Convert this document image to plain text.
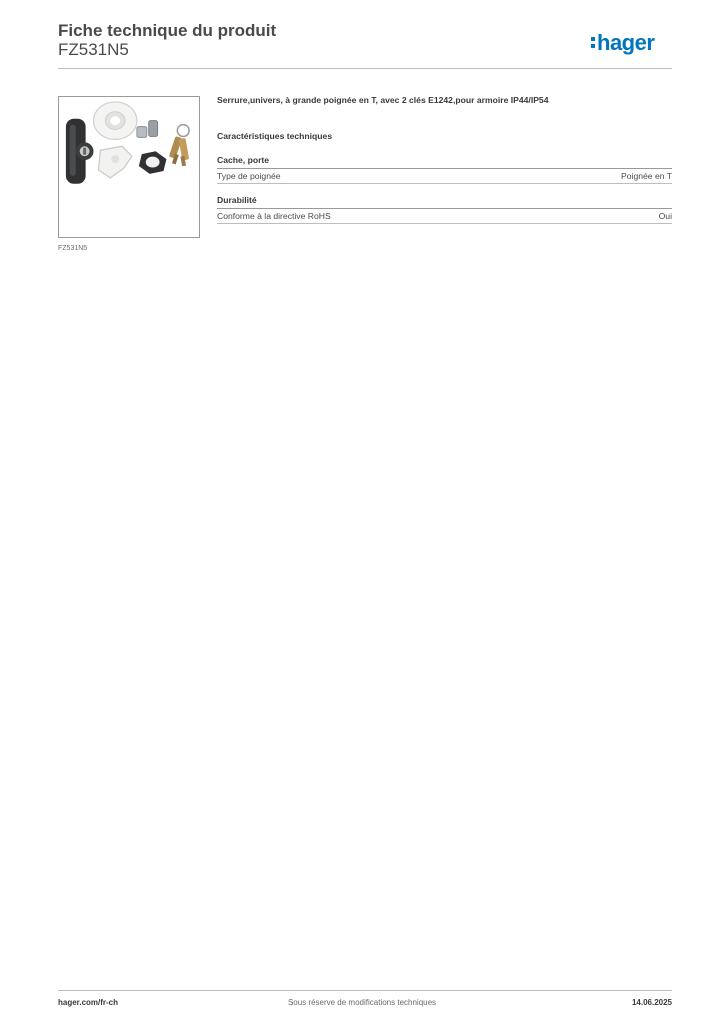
Fiche technique du produit
FZ531N5	hager
FZ531N5
Serrure,univers, à grande poignée en T, avec 2 clés E1242,pour armoire IP44/IP54
Caractéristiques techniques
Cache, porte
Type de poignée	Poignée en T
Durabilité
Conforme à la directive RoHS	Oui
hager.com/fr-ch	Sous réserve de modifications techniques	14.06.2025
